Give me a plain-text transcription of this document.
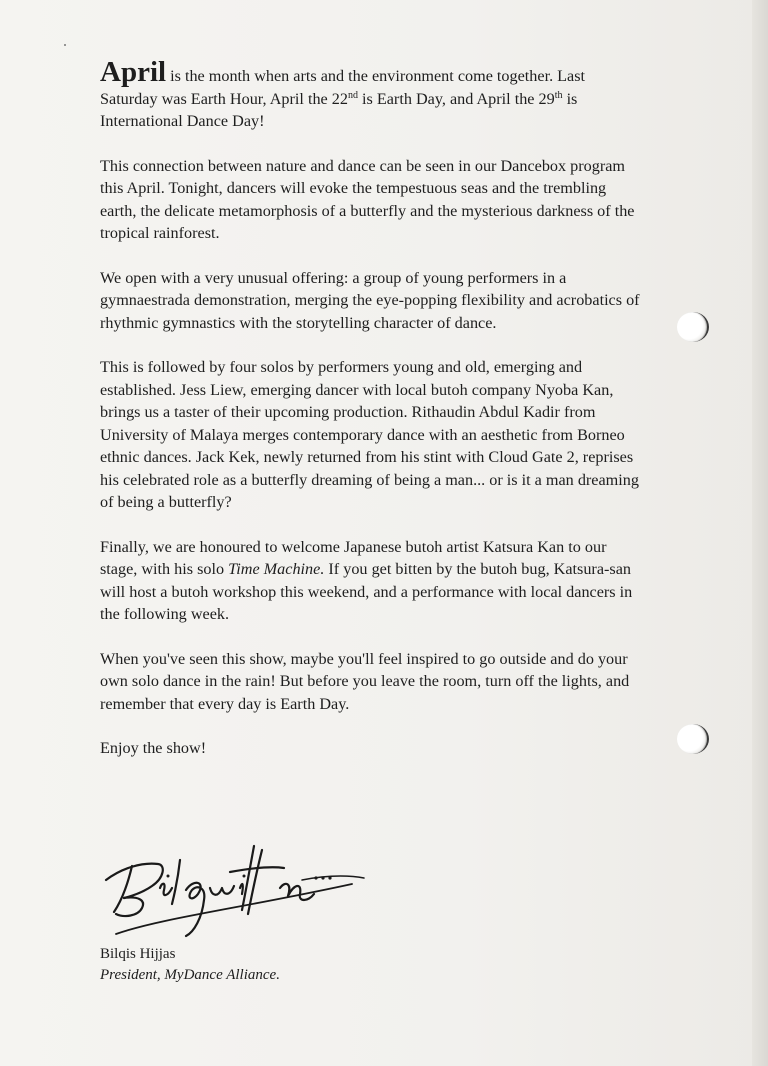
April is the month when arts and the environment come together. Last Saturday was Earth Hour, April the 22nd is Earth Day, and April the 29th is International Dance Day!

This connection between nature and dance can be seen in our Dancebox program this April. Tonight, dancers will evoke the tempestuous seas and the trembling earth, the delicate metamorphosis of a butterfly and the mysterious darkness of the tropical rainforest.

We open with a very unusual offering: a group of young performers in a gymnaestrada demonstration, merging the eye-popping flexibility and acrobatics of rhythmic gymnastics with the storytelling character of dance.

This is followed by four solos by performers young and old, emerging and established. Jess Liew, emerging dancer with local butoh company Nyoba Kan, brings us a taster of their upcoming production. Rithaudin Abdul Kadir from University of Malaya merges contemporary dance with an aesthetic from Borneo ethnic dances. Jack Kek, newly returned from his stint with Cloud Gate 2, reprises his celebrated role as a butterfly dreaming of being a man... or is it a man dreaming of being a butterfly?

Finally, we are honoured to welcome Japanese butoh artist Katsura Kan to our stage, with his solo Time Machine. If you get bitten by the butoh bug, Katsura-san will host a butoh workshop this weekend, and a performance with local dancers in the following week.

When you've seen this show, maybe you'll feel inspired to go outside and do your own solo dance in the rain! But before you leave the room, turn off the lights, and remember that every day is Earth Day.

Enjoy the show!

Bilqis Hijjas
President, MyDance Alliance.
